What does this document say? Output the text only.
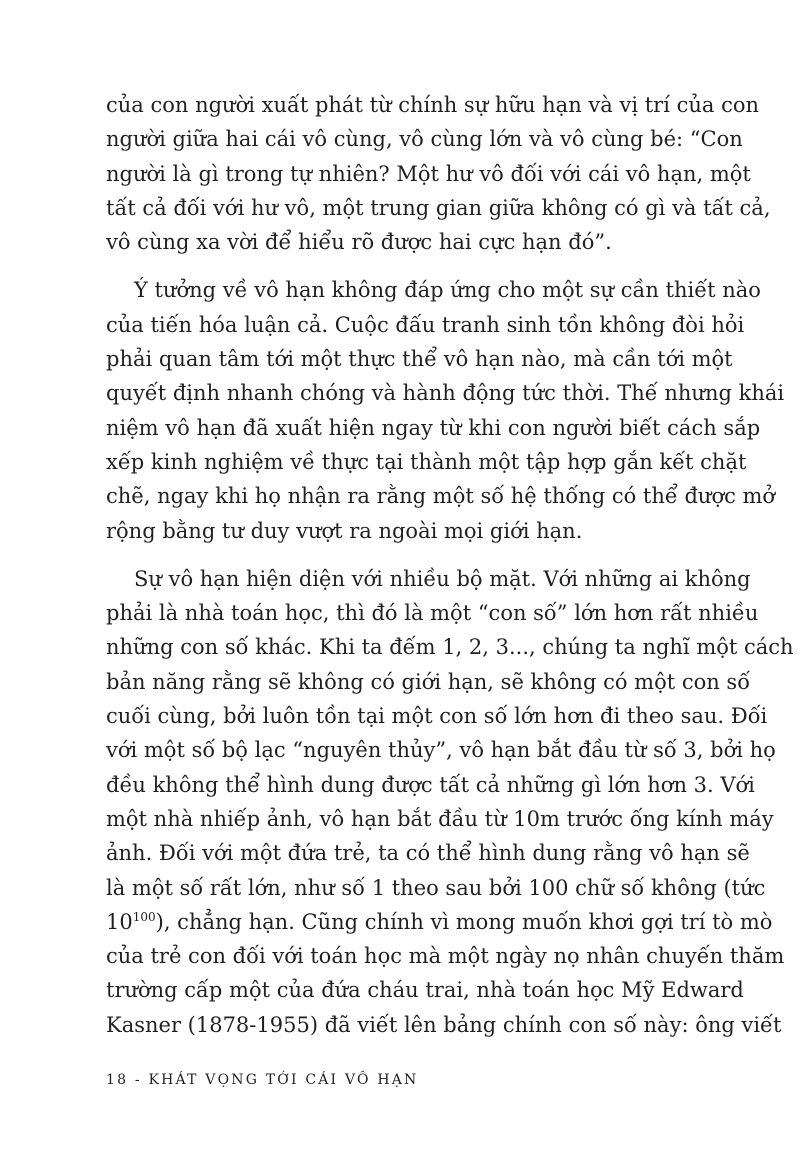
của con người xuất phát từ chính sự hữu hạn và vị trí của con
người giữa hai cái vô cùng, vô cùng lớn và vô cùng bé: “Con
người là gì trong tự nhiên? Một hư vô đối với cái vô hạn, một
tất cả đối với hư vô, một trung gian giữa không có gì và tất cả,
vô cùng xa vời để hiểu rõ được hai cực hạn đó”.
Ý tưởng về vô hạn không đáp ứng cho một sự cần thiết nào
của tiến hóa luận cả. Cuộc đấu tranh sinh tồn không đòi hỏi
phải quan tâm tới một thực thể vô hạn nào, mà cần tới một
quyết định nhanh chóng và hành động tức thời. Thế nhưng khái
niệm vô hạn đã xuất hiện ngay từ khi con người biết cách sắp
xếp kinh nghiệm về thực tại thành một tập hợp gắn kết chặt
chẽ, ngay khi họ nhận ra rằng một số hệ thống có thể được mở
rộng bằng tư duy vượt ra ngoài mọi giới hạn.
Sự vô hạn hiện diện với nhiều bộ mặt. Với những ai không
phải là nhà toán học, thì đó là một “con số” lớn hơn rất nhiều
những con số khác. Khi ta đếm 1, 2, 3..., chúng ta nghĩ một cách
bản năng rằng sẽ không có giới hạn, sẽ không có một con số
cuối cùng, bởi luôn tồn tại một con số lớn hơn đi theo sau. Đối
với một số bộ lạc “nguyên thủy”, vô hạn bắt đầu từ số 3, bởi họ
đều không thể hình dung được tất cả những gì lớn hơn 3. Với
một nhà nhiếp ảnh, vô hạn bắt đầu từ 10m trước ống kính máy
ảnh. Đối với một đứa trẻ, ta có thể hình dung rằng vô hạn sẽ
là một số rất lớn, như số 1 theo sau bởi 100 chữ số không (tức
$10^{100}$), chẳng hạn. Cũng chính vì mong muốn khơi gợi trí tò mò
của trẻ con đối với toán học mà một ngày nọ nhân chuyến thăm
trường cấp một của đứa cháu trai, nhà toán học Mỹ Edward
Kasner (1878-1955) đã viết lên bảng chính con số này: ông viết
18 - KHÁT VỌNG TỚI CÁI VÔ HẠN
